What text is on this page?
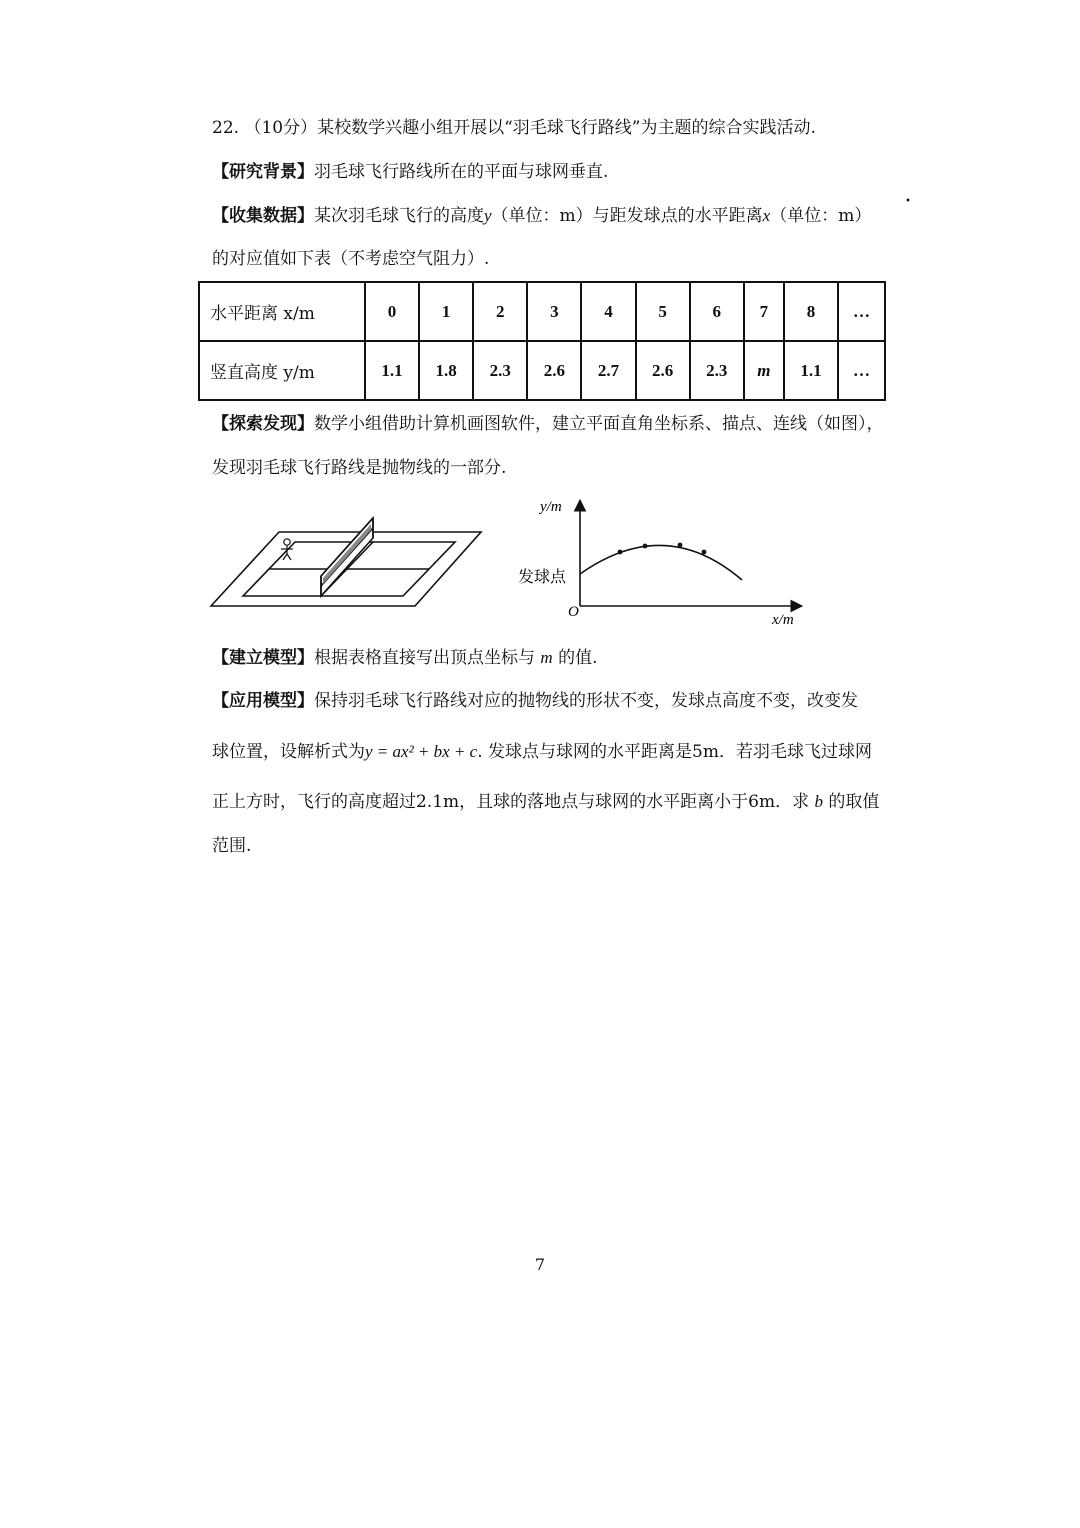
22. （10分）某校数学兴趣小组开展以“羽毛球飞行路线”为主题的综合实践活动.
【研究背景】羽毛球飞行路线所在的平面与球网垂直.
【收集数据】某次羽毛球飞行的高度y（单位：m）与距发球点的水平距离x（单位：m）
•
的对应值如下表（不考虑空气阻力）.
水平距离 x/m	0	1	2	3	4	5	6	7	8	…
竖直高度 y/m	1.1	1.8	2.3	2.6	2.7	2.6	2.3	m	1.1	…
【探索发现】数学小组借助计算机画图软件，建立平面直角坐标系、描点、连线（如图），
发现羽毛球飞行路线是抛物线的一部分.
y/m
x/m
O
发球点
【建立模型】根据表格直接写出顶点坐标与 m 的值.
【应用模型】保持羽毛球飞行路线对应的抛物线的形状不变，发球点高度不变，改变发
球位置，设解析式为y = ax² + bx + c. 发球点与球网的水平距离是5m．若羽毛球飞过球网
正上方时，飞行的高度超过2.1m，且球的落地点与球网的水平距离小于6m．求 b 的取值
范围.
7
